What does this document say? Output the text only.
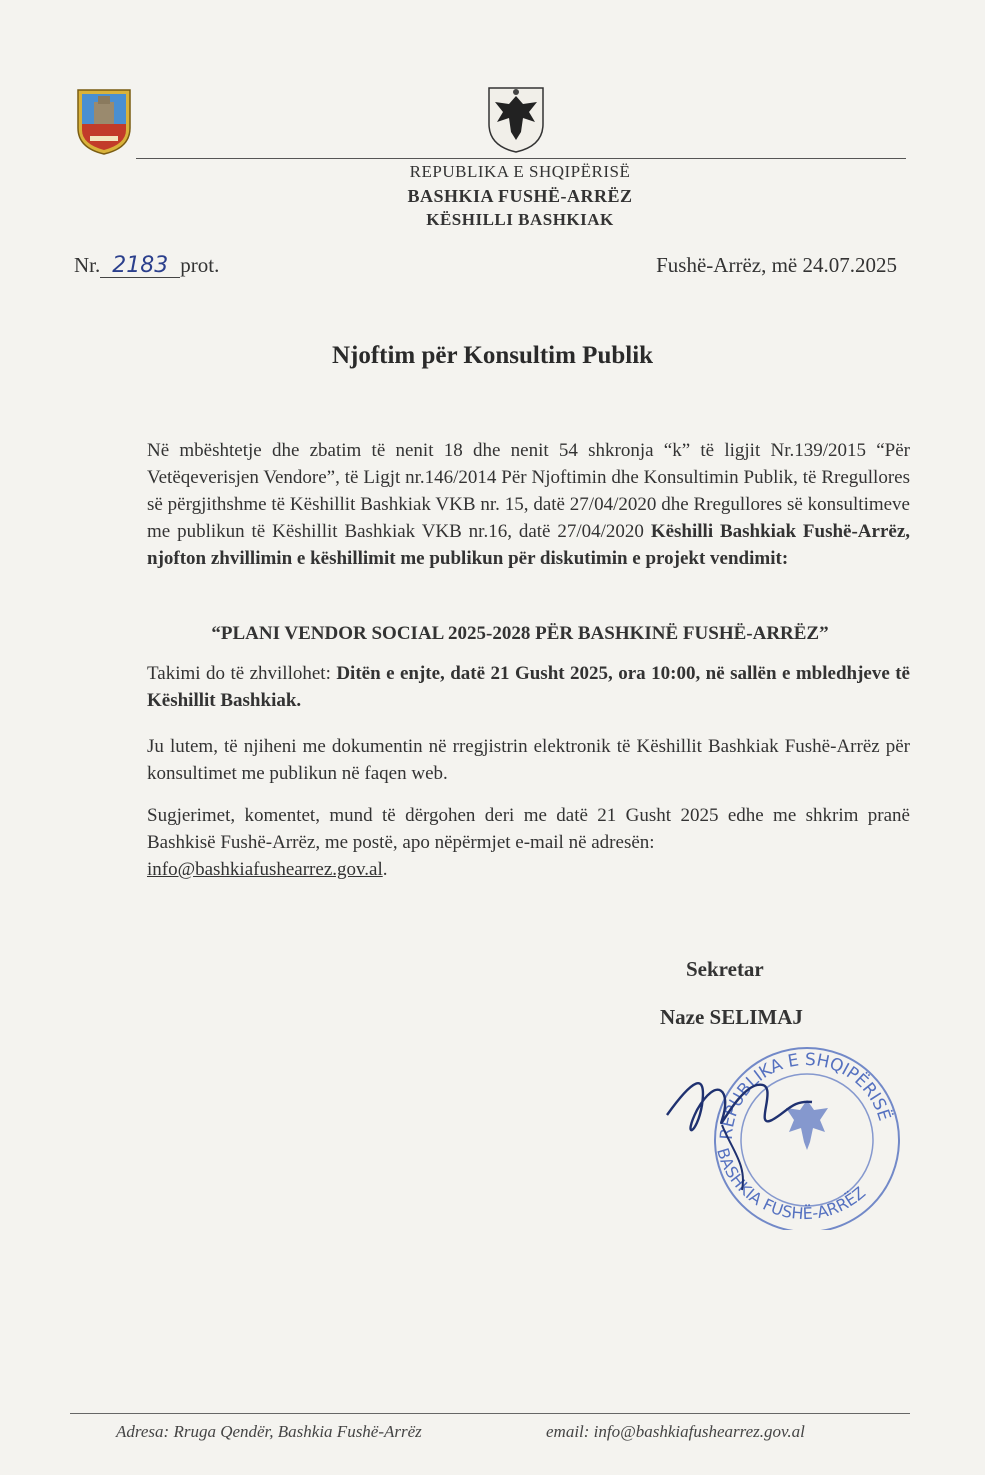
REPUBLIKA E SHQIPËRISË
BASHKIA FUSHË-ARRËZ
KËSHILLI BASHKIAK
Nr. 2183 prot.	Fushë-Arrëz, më 24.07.2025
Njoftim për Konsultim Publik
Në mbështetje dhe zbatim të nenit 18 dhe nenit 54 shkronja “k” të ligjit Nr.139/2015 “Për Vetëqeverisjen Vendore”, të Ligjt nr.146/2014 Për Njoftimin dhe Konsultimin Publik, të Rregullores së përgjithshme të Këshillit Bashkiak VKB nr. 15, datë 27/04/2020 dhe Rregullores së konsultimeve me publikun të Këshillit Bashkiak VKB nr.16, datë 27/04/2020 Këshilli Bashkiak Fushë-Arrëz, njofton zhvillimin e këshillimit me publikun për diskutimin e projekt vendimit:
“PLANI VENDOR SOCIAL 2025-2028 PËR BASHKINË FUSHË-ARRËZ”
Takimi do të zhvillohet: Ditën e enjte, datë 21 Gusht 2025, ora 10:00, në sallën e mbledhjeve të Këshillit Bashkiak.
Ju lutem, të njiheni me dokumentin në rregjistrin elektronik të Këshillit Bashkiak Fushë-Arrëz për konsultimet me publikun në faqen web.
Sugjerimet, komentet, mund të dërgohen deri me datë 21 Gusht 2025 edhe me shkrim pranë Bashkisë Fushë-Arrëz, me postë, apo nëpërmjet e-mail në adresën:
info@bashkiafushearrez.gov.al.
Sekretar
Naze SELIMAJ
REPUBLIKA E SHQIPËRISË
BASHKIA FUSHË-ARRËZ
Adresa: Rruga Qendër, Bashkia Fushë-Arrëz	email: info@bashkiafushearrez.gov.al
